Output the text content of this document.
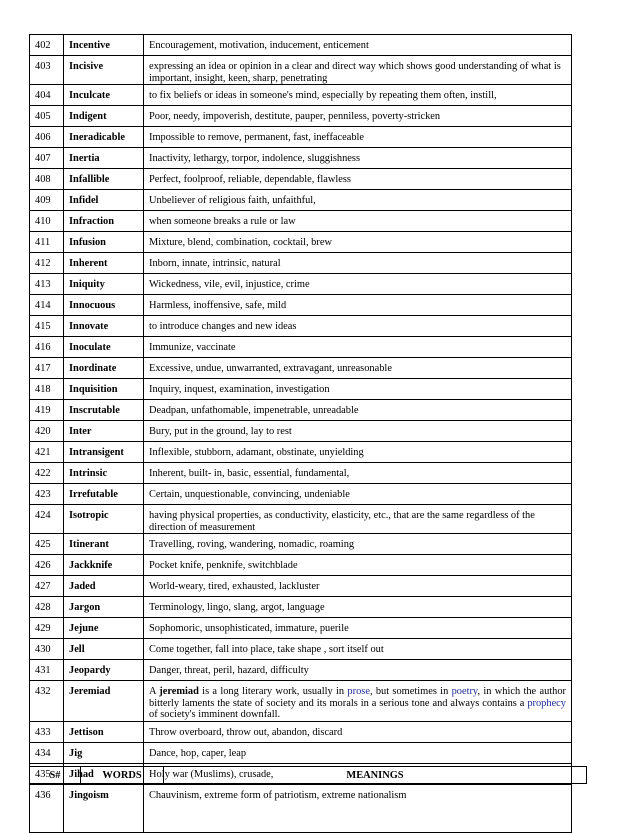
402	Incentive	Encouragement, motivation, inducement, enticement
403	Incisive	expressing an idea or opinion in a clear and direct way which shows good understanding of what is important, insight, keen, sharp, penetrating
404	Inculcate	to fix beliefs or ideas in someone's mind, especially by repeating them often, instill,
405	Indigent	Poor, needy, impoverish, destitute, pauper, penniless, poverty-stricken
406	Ineradicable	Impossible to remove, permanent, fast, ineffaceable
407	Inertia	Inactivity, lethargy, torpor, indolence, sluggishness
408	Infallible	Perfect, foolproof, reliable, dependable, flawless
409	Infidel	Unbeliever of religious faith, unfaithful,
410	Infraction	when someone breaks a rule or law
411	Infusion	Mixture, blend, combination, cocktail, brew
412	Inherent	Inborn, innate, intrinsic, natural
413	Iniquity	Wickedness, vile, evil, injustice, crime
414	Innocuous	Harmless, inoffensive, safe, mild
415	Innovate	to introduce changes and new ideas
416	Inoculate	Immunize, vaccinate
417	Inordinate	Excessive, undue, unwarranted, extravagant, unreasonable
418	Inquisition	Inquiry, inquest, examination, investigation
419	Inscrutable	Deadpan, unfathomable, impenetrable, unreadable
420	Inter	Bury, put in the ground, lay to rest
421	Intransigent	Inflexible, stubborn, adamant, obstinate, unyielding
422	Intrinsic	Inherent, built- in, basic, essential, fundamental,
423	Irrefutable	Certain, unquestionable, convincing, undeniable
424	Isotropic	having physical properties, as conductivity, elasticity, etc., that are the same regardless of the direction of measurement
425	Itinerant	Travelling, roving, wandering, nomadic, roaming
426	Jackknife	Pocket knife, penknife, switchblade
427	Jaded	World-weary, tired, exhausted, lackluster
428	Jargon	Terminology, lingo, slang, argot, language
429	Jejune	Sophomoric, unsophisticated, immature, puerile
430	Jell	Come together, fall into place, take shape , sort itself out
431	Jeopardy	Danger, threat, peril, hazard, difficulty
432	Jeremiad	A jeremiad is a long literary work, usually in prose, but sometimes in poetry, in which the author bitterly laments the state of society and its morals in a serious tone and always contains a prophecy of society's imminent downfall.
433	Jettison	Throw overboard, throw out, abandon, discard
434	Jig	Dance, hop, caper, leap
435	Jihad	Holy war (Muslims), crusade,
436	Jingoism	Chauvinism, extreme form of patriotism, extreme nationalism
S#	WORDS	MEANINGS
